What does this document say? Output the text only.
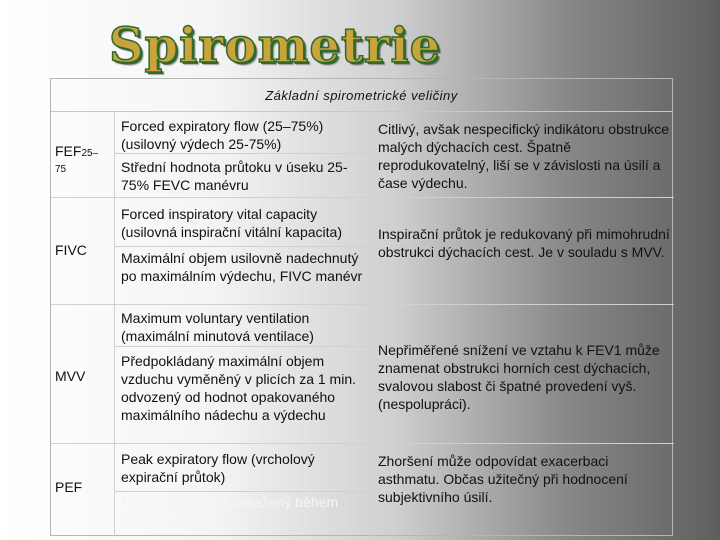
Spirometrie
Základní spirometrické veličiny
FEF25–
75
Forced expiratory flow (25–75%) (usilovný výdech 25-75%)
Střední hodnota průtoku v úseku 25-75% FEVC manévru
Citlivý, avšak nespecifický indikátoru obstrukce malých dýchacích cest. Špatně reprodukovatelný, liší se v závislosti na úsilí a čase výdechu.
FIVC
Forced inspiratory vital capacity (usilovná inspirační vitální kapacita)
Maximální objem usilovně nadechnutý po maximálním výdechu, FIVC manévr
Inspirační průtok je redukovaný při mimohrudní obstrukci dýchacích cest. Je v souladu s MVV.
MVV
Maximum voluntary ventilation (maximální minutová ventilace)
Předpokládaný maximální objem vzduchu vyměněný v plicích za 1 min. odvozený od hodnot opakovaného maximálního nádechu a výdechu
Nepřiměřené snížení ve vztahu k FEV1 může znamenat obstrukci horních cest dýchacích, svalovou slabost či špatné provedení vyš. (nespolupráci).
PEF
Peak expiratory flow (vrcholový expirační průtok)
Maximální průtok dosažený během FEVC manévru
Zhoršení může odpovídat exacerbaci asthmatu. Občas užitečný při hodnocení subjektivního úsilí.
